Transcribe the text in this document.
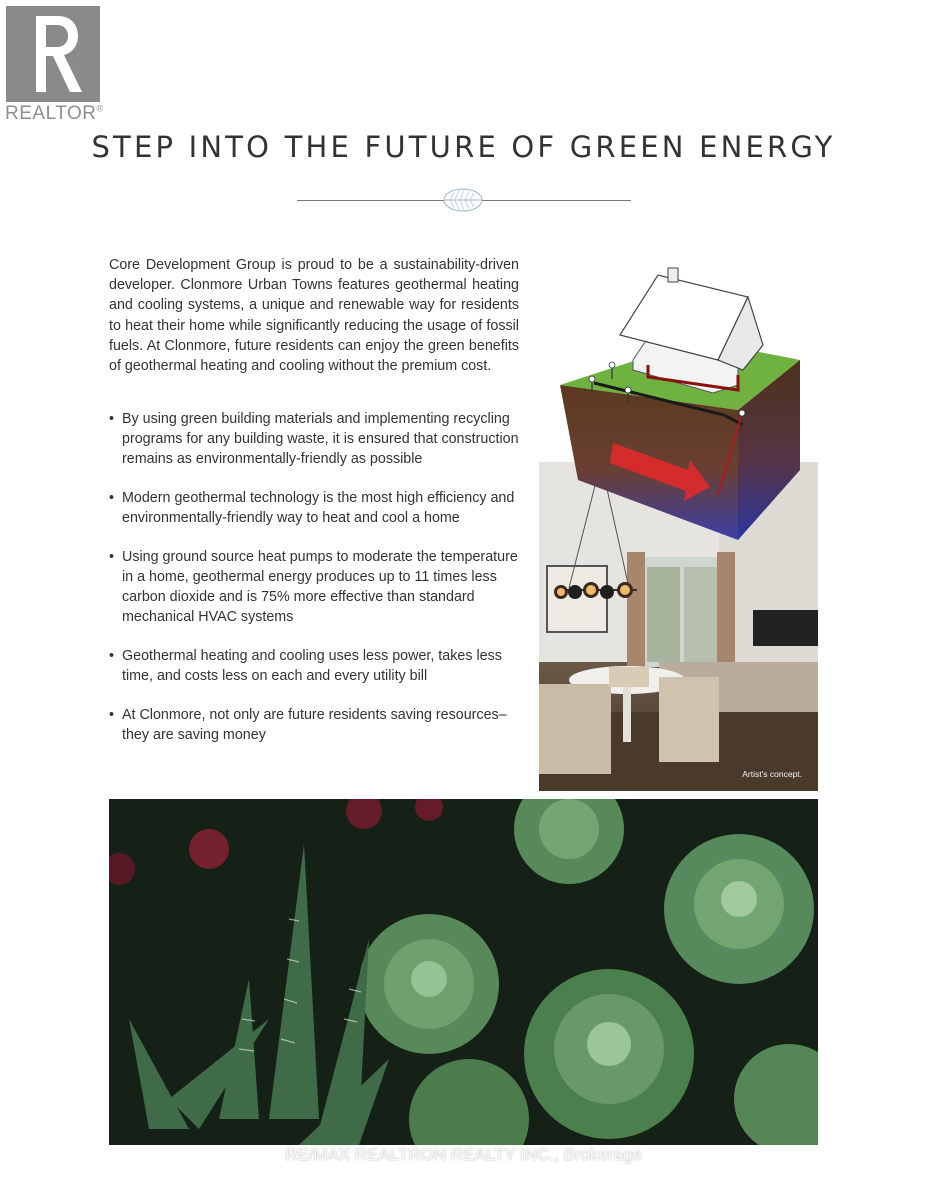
REALTOR®
STEP INTO THE FUTURE OF GREEN ENERGY

Core Development Group is proud to be a sustainability-driven developer. Clonmore Urban Towns features geothermal heating and cooling systems, a unique and renewable way for residents to heat their home while significantly reducing the usage of fossil fuels. At Clonmore, future residents can enjoy the green benefits of geothermal heating and cooling without the premium cost.

• By using green building materials and implementing recycling programs for any building waste, it is ensured that construction remains as environmentally-friendly as possible
• Modern geothermal technology is the most high efficiency and environmentally-friendly way to heat and cool a home
• Using ground source heat pumps to moderate the temperature in a home, geothermal energy produces up to 11 times less carbon dioxide and is 75% more effective than standard mechanical HVAC systems
• Geothermal heating and cooling uses less power, takes less time, and costs less on each and every utility bill
• At Clonmore, not only are future residents saving resources–they are saving money
Artist's concept.
RE/MAX REALTRON REALTY INC., Brokerage
